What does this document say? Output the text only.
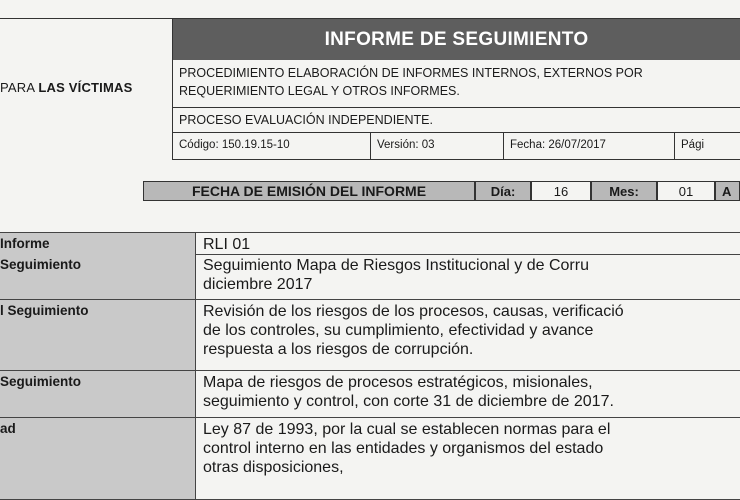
PARA LAS VÍCTIMAS
INFORME DE SEGUIMIENTO
PROCEDIMIENTO ELABORACIÓN DE INFORMES INTERNOS, EXTERNOS POR
REQUERIMIENTO LEGAL Y OTROS INFORMES.
PROCESO EVALUACIÓN INDEPENDIENTE.
Código: 150.19.15-10	Versión: 03	Fecha: 26/07/2017	Pági
FECHA DE EMISIÓN DEL INFORME	Día:	16	Mes:	01	A
Informe	RLI 01
Seguimiento	Seguimiento Mapa de Riesgos Institucional y de Corru
diciembre 2017
l Seguimiento	Revisión de los riesgos de los procesos, causas, verificació
de los controles, su cumplimiento, efectividad y avance
respuesta a los riesgos de corrupción.
Seguimiento	Mapa de riesgos de procesos estratégicos, misionales,
seguimiento y control, con corte 31 de diciembre de 2017.
ad	Ley 87 de 1993, por la cual se establecen normas para el
control interno en las entidades y organismos del estado
otras disposiciones,
